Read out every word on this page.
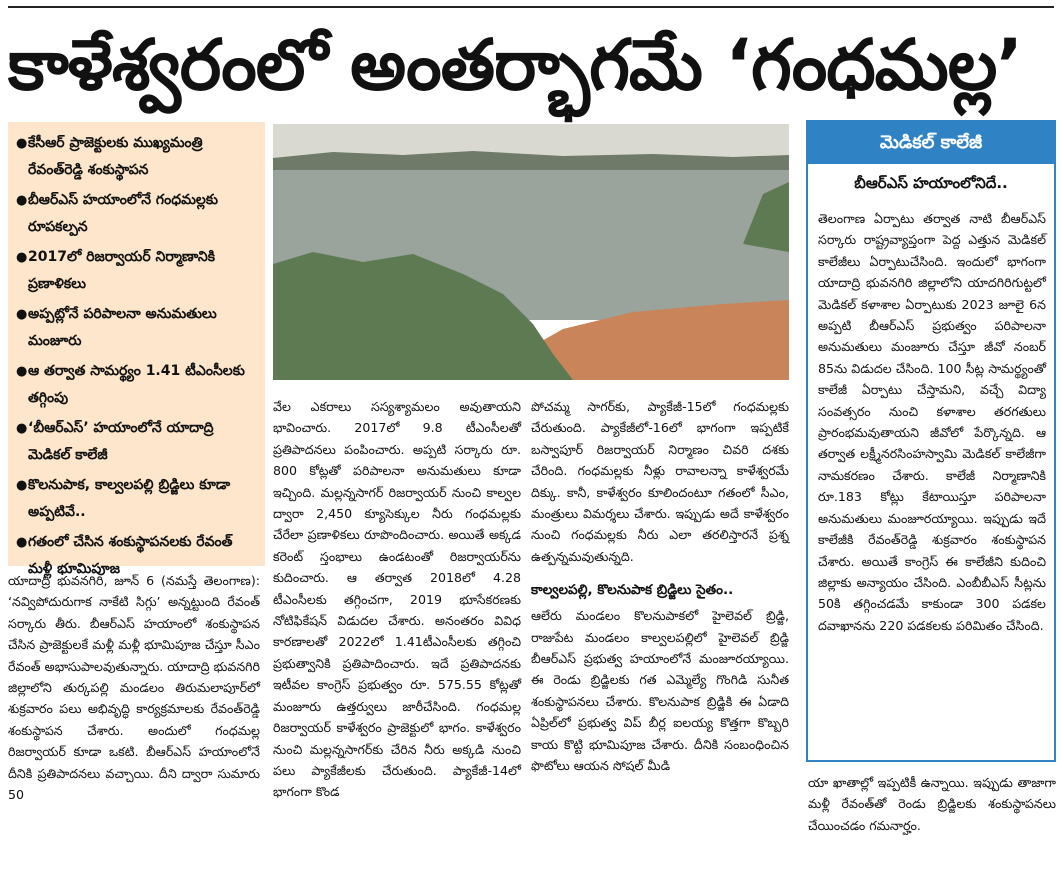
కాళేశ్వరంలో అంతర్భాగమే ‘గంధమల్ల’
● కేసీఆర్ ప్రాజెక్టులకు ముఖ్యమంత్రి రేవంత్‌రెడ్డి శంకుస్థాపన
● బీఆర్ఎస్ హయాంలోనే గంధమల్లకు రూపకల్పన
● 2017లో రిజర్వాయర్ నిర్మాణానికి ప్రణాళికలు
● అప్పట్లోనే పరిపాలనా అనుమతులు మంజూరు
● ఆ తర్వాత సామర్థ్యం 1.41 టీఎంసీలకు తగ్గింపు
● ‘బీఆర్ఎస్’ హయాంలోనే యాదాద్రి మెడికల్ కాలేజీ
● కొలనుపాక, కాల్వలపల్లి బ్రిడ్జిలు కూడా అప్పటివే..
● గతంలో చేసిన శంకుస్థాపనలకు రేవంత్ మళ్లీ భూమిపూజ

యాదాద్రి భువనగిరి, జూన్ 6 (నమస్తే తెలంగాణ): ‘నవ్విపోదురుగాక నాకేటి సిగ్గు’ అన్నట్టుంది రేవంత్ సర్కారు తీరు. బీఆర్ఎస్ హయాంలో శంకుస్థాపన చేసిన ప్రాజెక్టులకే మళ్లీ మళ్లీ భూమిపూజ చేస్తూ సీఎం రేవంత్ అభాసుపాలవుతున్నారు. యాదాద్రి భువనగిరి జిల్లాలోని తుర్కపల్లి మండలం తిరుమలాపూర్‌లో శుక్రవారం పలు అభివృద్ధి కార్యక్రమాలకు రేవంత్‌రెడ్డి శంకుస్థాపన చేశారు. అందులో గంధమల్ల రిజర్వాయర్ కూడా ఒకటి. బీఆర్ఎస్ హయాంలోనే దీనికి ప్రతిపాదనలు వచ్చాయి. దీని ద్వారా సుమారు 50

వేల ఎకరాలు సస్యశ్యామలం అవుతాయని భావించారు. 2017లో 9.8 టీఎంసీలతో ప్రతిపాదనలు పంపించారు. అప్పటి సర్కారు రూ. 800 కోట్లతో పరిపాలనా అనుమతులు కూడా ఇచ్చింది. మల్లన్నసాగర్ రిజర్వాయర్ నుంచి కాల్వల ద్వారా 2,450 క్యూసెక్కుల నీరు గంధమల్లకు చేరేలా ప్రణాళికలు రూపొందించారు. అయితే అక్కడ కరెంట్ స్తంభాలు ఉండటంతో రిజర్వాయర్‌ను కుదించారు. ఆ తర్వాత 2018లో 4.28 టీఎంసీలకు తగ్గించగా, 2019 భూసేకరణకు నోటిఫికేషన్ విడుదల చేశారు. అనంతరం వివిధ కారణాలతో 2022లో 1.41టీఎంసీలకు తగ్గించి ప్రభుత్వానికి ప్రతిపాదించారు. ఇదే ప్రతిపాదనకు ఇటీవల కాంగ్రెస్ ప్రభుత్వం రూ. 575.55 కోట్లతో మంజూరు ఉత్తర్వులు జారీచేసింది. గంధమల్ల రిజర్వాయర్ కాళేశ్వరం ప్రాజెక్టులో భాగం. కాళేశ్వరం నుంచి మల్లన్నసాగర్‌కు చేరిన నీరు అక్కడి నుంచి పలు ప్యాకేజీలకు చేరుతుంది. ప్యాకేజీ-14లో భాగంగా కొండ

పోచమ్మ సాగర్‌కు, ప్యాకేజీ-15లో గంధమల్లకు చేరుతుంది. ప్యాకేజీలో-16లో భాగంగా ఇప్పటికే బస్వాపూర్ రిజర్వాయర్ నిర్మాణం చివరి దశకు చేరింది. గంధమల్లకు నీళ్లు రావాలన్నా కాళేశ్వరమే దిక్కు. కానీ, కాళేశ్వరం కూలిందంటూ గతంలో సీఎం, మంత్రులు విమర్శలు చేశారు. ఇప్పుడు అదే కాళేశ్వరం నుంచి గంధమల్లకు నీరు ఎలా తరలిస్తారనే ప్రశ్న ఉత్పన్నమవుతున్నది.

కాల్వలపల్లి, కొలనుపాక బ్రిడ్జిలు సైతం..

ఆలేరు మండలం కొలనుపాకలో హైలెవల్ బ్రిడ్జి, రాజుపేట మండలం కాల్వలపల్లిలో హైలెవల్ బ్రిడ్జి బీఆర్ఎస్ ప్రభుత్వ హయాంలోనే మంజూరయ్యాయి. ఈ రెండు బ్రిడ్జిలకు గత ఎమ్మెల్యే గొంగిడి సునీత శంకుస్థాపనలు చేశారు. కొలనుపాక బ్రిడ్జికి ఈ ఏడాది ఏప్రిల్‌లో ప్రభుత్వ విప్ బీర్ల ఐలయ్య కొత్తగా కొబ్బరి కాయ కొట్టి భూమిపూజ చేశారు. దీనికి సంబంధించిన ఫొటోలు ఆయన సోషల్ మీడి

మెడికల్ కాలేజీ
బీఆర్ఎస్ హయాంలోనిదే..
తెలంగాణ ఏర్పాటు తర్వాత నాటి బీఆర్ఎస్ సర్కారు రాష్ట్రవ్యాప్తంగా పెద్ద ఎత్తున మెడికల్ కాలేజీలు ఏర్పాటుచేసింది. ఇందులో భాగంగా యాదాద్రి భువనగిరి జిల్లాలోని యాదగిరిగుట్టలో మెడికల్ కళాశాల ఏర్పాటుకు 2023 జూలై 6న అప్పటి బీఆర్ఎస్ ప్రభుత్వం పరిపాలనా అనుమతులు మంజూరు చేస్తూ జీవో నంబర్ 85ను విడుదల చేసింది. 100 సీట్ల సామర్థ్యంతో కాలేజీ ఏర్పాటు చేస్తామని, వచ్చే విద్యా సంవత్సరం నుంచి కళాశాల తరగతులు ప్రారంభమవుతాయని జీవోలో పేర్కొన్నది. ఆ తర్వాత లక్ష్మీనరసింహస్వామి మెడికల్ కాలేజీగా నామకరణం చేశారు. కాలేజీ నిర్మాణానికి రూ.183 కోట్లు కేటాయిస్తూ పరిపాలనా అనుమతులు మంజూరయ్యాయి. ఇప్పుడు ఇదే కాలేజీకి రేవంత్‌రెడ్డి శుక్రవారం శంకుస్థాపన చేశారు. అయితే కాంగ్రెస్ ఈ కాలేజీని కుదించి జిల్లాకు అన్యాయం చేసింది. ఎంబీబీఎస్ సీట్లను 50కి తగ్గించడమే కాకుండా 300 పడకల దవాఖానను 220 పడకలకు పరిమితం చేసింది.

యా ఖాతాల్లో ఇప్పటికీ ఉన్నాయి. ఇప్పుడు తాజాగా మళ్లీ రేవంత్‌తో రెండు బ్రిడ్జిలకు శంకుస్థాపనలు చేయించడం గమనార్హం.
